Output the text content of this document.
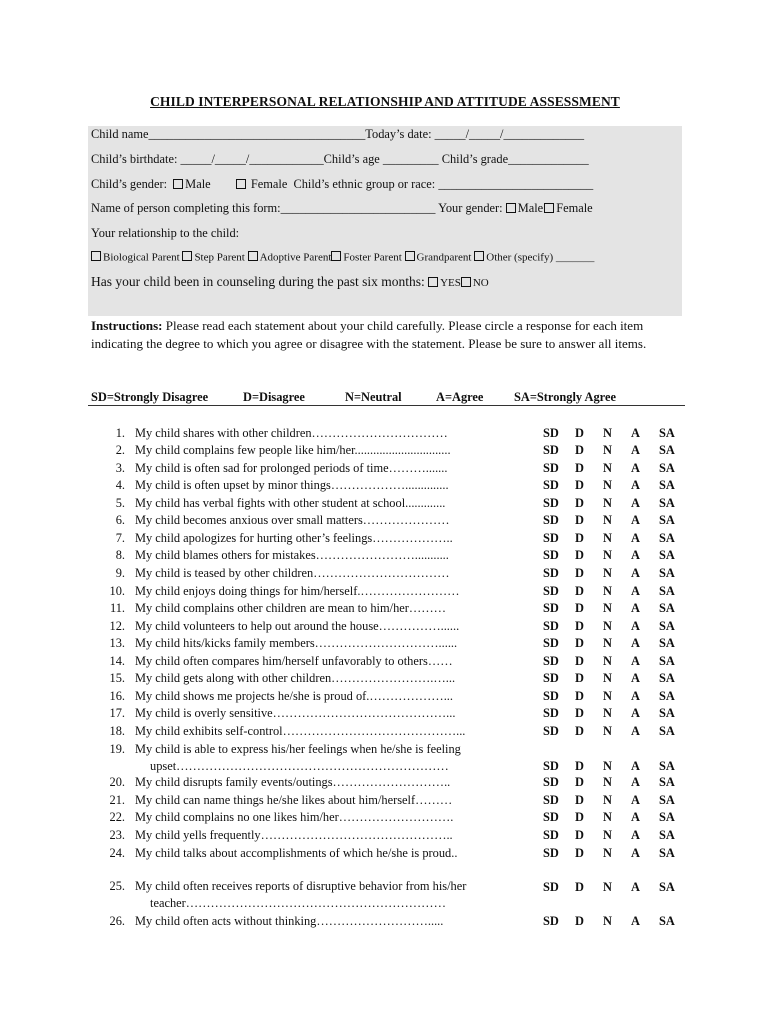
CHILD INTERPERSONAL RELATIONSHIP AND ATTITUDE ASSESSMENT
Child name___________________________________Today’s date: _____/_____/_____________
Child’s birthdate: _____/_____/____________Child’s age _________ Child’s grade_____________
Child’s gender: Male	Female Child’s ethnic group or race: _________________________
Name of person completing this form:_________________________ Your gender: Male Female
Your relationship to the child:
Biological Parent Step Parent Adoptive Parent Foster Parent Grandparent Other (specify) _______
Has your child been in counseling during the past six months: YES NO
Instructions: Please read each statement about your child carefully. Please circle a response for each item indicating the degree to which you agree or disagree with the statement. Please be sure to answer all items.
SD=Strongly Disagree	D=Disagree	N=Neutral	A=Agree SA=Strongly Agree
1. My child shares with other children……………………………	SD D N A SA
2. My child complains few people like him/her...............................	SD D N A SA
3. My child is often sad for prolonged periods of time……….......	SD D N A SA
4. My child is often upset by minor things………………..............	SD D N A SA
5. My child has verbal fights with other student at school.............	SD D N A SA
6. My child becomes anxious over small matters…………………	SD D N A SA
7. My child apologizes for hurting other’s feelings………………..	SD D N A SA
8. My child blames others for mistakes……………………...........	SD D N A SA
9. My child is teased by other children……………………………	SD D N A SA
10. My child enjoys doing things for him/herself.……………………	SD D N A SA
11. My child complains other children are mean to him/her………	SD D N A SA
12. My child volunteers to help out around the house……………......	SD D N A SA
13. My child hits/kicks family members…………………………......	SD D N A SA
14. My child often compares him/herself unfavorably to others……	SD D N A SA
15. My child gets along with other children…………………….…...	SD D N A SA
16. My child shows me projects he/she is proud of.………………...	SD D N A SA
17. My child is overly sensitive……………………………………...	SD D N A SA
18. My child exhibits self-control……………………………………...	SD D N A SA
19. My child is able to express his/her feelings when he/she is feeling
upset…………………………………………………………	SD D N A SA
20. My child disrupts family events/outings………………………..	SD D N A SA
21. My child can name things he/she likes about him/herself………	SD D N A SA
22. My child complains no one likes him/her……………………….	SD D N A SA
23. My child yells frequently………………………………………..	SD D N A SA
24. My child talks about accomplishments of which he/she is proud..	SD D N A SA
25. My child often receives reports of disruptive behavior from his/her
teacher………………………………………………………
SD D N A SA
26. My child often acts without thinking……………………….....	SD D N A SA
